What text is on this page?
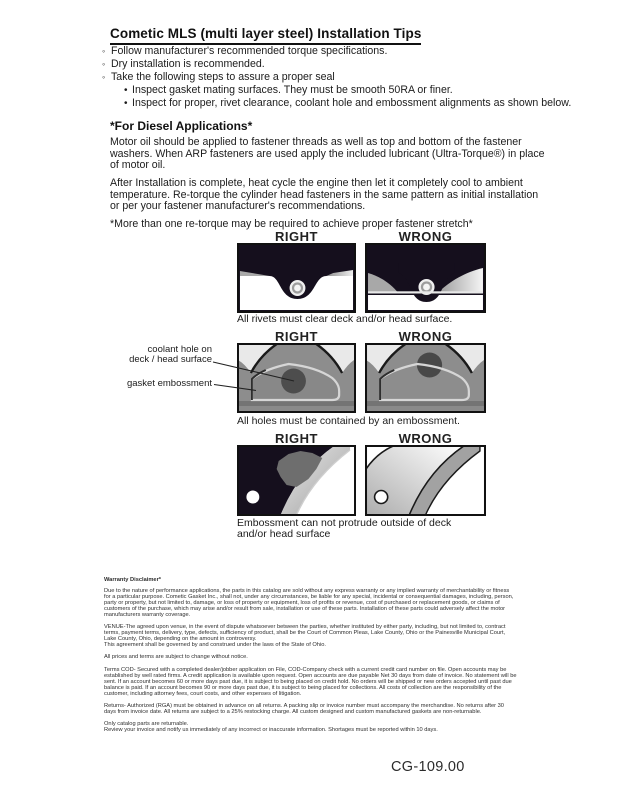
Cometic MLS (multi layer steel) Installation Tips
◦ Follow manufacturer's recommended torque specifications.
◦ Dry installation is recommended.
◦ Take the following steps to assure a proper seal
• Inspect gasket mating surfaces. They must be smooth 50RA or finer.
• Inspect for proper, rivet clearance, coolant hole and embossment alignments as shown below.
*For Diesel Applications*

Motor oil should be applied to fastener threads as well as top and bottom of the fastener washers. When ARP fasteners are used apply the included lubricant (Ultra-Torque®) in place of motor oil.

After Installation is complete, heat cycle the engine then let it completely cool to ambient temperature. Re-torque the cylinder head fasteners in the same pattern as initial installation or per your fastener manufacturer's recommendations.

*More than one re-torque may be required to achieve proper fastener stretch*

RIGHT	WRONG
All rivets must clear deck and/or head surface.
RIGHT	WRONG
coolant hole on
deck / head surface
gasket embossment
All holes must be contained by an embossment.
RIGHT	WRONG
Embossment can not protrude outside of deck and/or head surface
Warranty Disclaimer*
Due to the nature of performance applications, the parts in this catalog are sold without any express warranty or any implied warranty of merchantability or fitness for a particular purpose. Cometic Gasket Inc., shall not, under any circumstances, be liable for any special, incidental or consequential damages, including, person, party or property, but not limited to, damage, or loss of property or equipment, loss of profits or revenue, cost of purchased or replacement goods, or claims of customers of the purchase, which may arise and/or result from sale, installation or use of these parts. Installation of these parts could adversely affect the motor manufacturers warranty coverage.
VENUE-The agreed upon venue, in the event of dispute whatsoever between the parties, whether instituted by either party, including, but not limited to, contract terms, payment terms, delivery, type, defects, sufficiency of product, shall be the Court of Common Pleas, Lake County, Ohio or the Painesville Municipal Court, Lake County, Ohio, depending on the amount in controversy.
This agreement shall be governed by and construed under the laws of the State of Ohio.
All prices and terms are subject to change without notice.
Terms COD- Secured with a completed dealer/jobber application on File, COD-Company check with a current credit card number on file. Open accounts may be established by well rated firms. A credit application is available upon request. Open accounts are due payable Net 30 days from date of invoice. No statement will be sent. If an account becomes 60 or more days past due, it is subject to being placed on credit hold. No orders will be shipped or new orders accepted until past due balance is paid. If an account becomes 90 or more days past due, it is subject to being placed for collections. All costs of collection are the responsibility of the customer, including attorney fees, court costs, and other expenses of litigation.
Returns- Authorized (RGA) must be obtained in advance on all returns. A packing slip or invoice number must accompany the merchandise. No returns after 30 days from invoice date. All returns are subject to a 25% restocking charge. All custom designed and custom manufactured gaskets are non-returnable.
Only catalog parts are returnable.
Review your invoice and notify us immediately of any incorrect or inaccurate information. Shortages must be reported within 10 days.
CG-109.00
